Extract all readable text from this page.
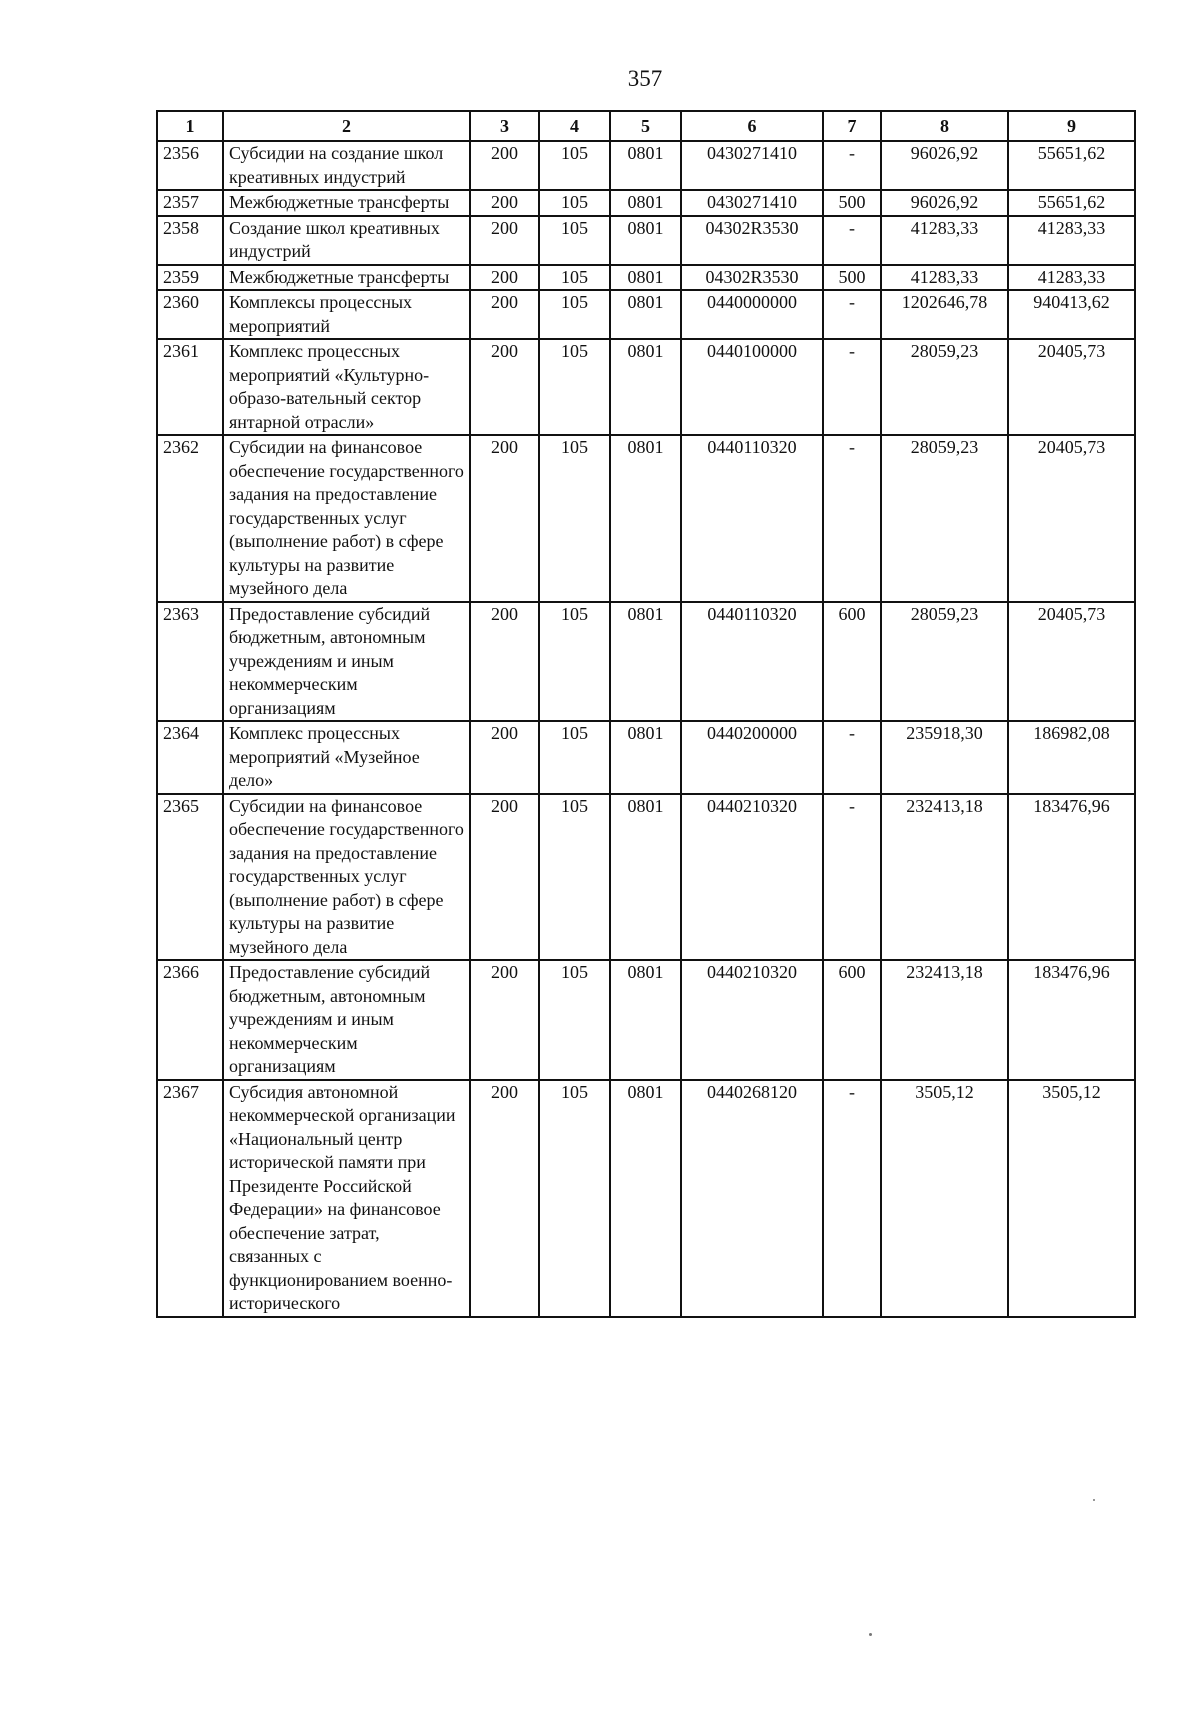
357
1	2	3	4	5	6	7	8	9
2356	Субсидии на создание школ креативных индустрий	200	105	0801	0430271410	-	96026,92	55651,62
2357	Межбюджетные трансферты	200	105	0801	0430271410	500	96026,92	55651,62
2358	Создание школ креативных индустрий	200	105	0801	04302R3530	-	41283,33	41283,33
2359	Межбюджетные трансферты	200	105	0801	04302R3530	500	41283,33	41283,33
2360	Комплексы процессных мероприятий	200	105	0801	0440000000	-	1202646,78	940413,62
2361	Комплекс процессных мероприятий «Культурно-образо-вательный сектор янтарной отрасли»	200	105	0801	0440100000	-	28059,23	20405,73
2362	Субсидии на финансовое обеспечение государственного задания на предоставление государственных услуг (выполнение работ) в сфере культуры на развитие музейного дела	200	105	0801	0440110320	-	28059,23	20405,73
2363	Предоставление субсидий бюджетным, автономным учреждениям и иным некоммерческим организациям	200	105	0801	0440110320	600	28059,23	20405,73
2364	Комплекс процессных мероприятий «Музейное дело»	200	105	0801	0440200000	-	235918,30	186982,08
2365	Субсидии на финансовое обеспечение государственного задания на предоставление государственных услуг (выполнение работ) в сфере культуры на развитие музейного дела	200	105	0801	0440210320	-	232413,18	183476,96
2366	Предоставление субсидий бюджетным, автономным учреждениям и иным некоммерческим организациям	200	105	0801	0440210320	600	232413,18	183476,96
2367	Субсидия автономной некоммерческой организации «Национальный центр исторической памяти при Президенте Российской Федерации» на финансовое обеспечение затрат, связанных с функционированием военно-исторического	200	105	0801	0440268120	-	3505,12	3505,12
